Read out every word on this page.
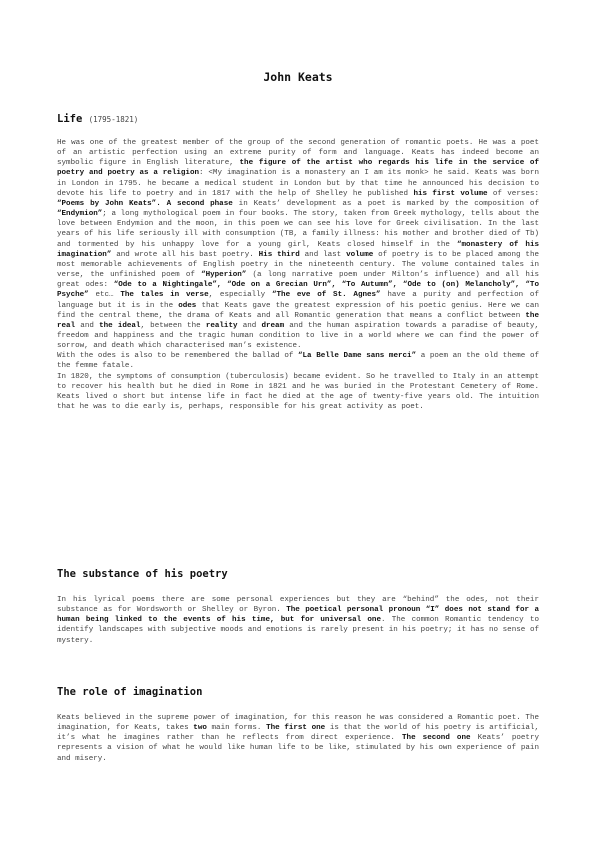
John Keats
Life (1795-1821)

He was one of the greatest member of the group of the second generation of romantic poets. He was a poet of an artistic perfection using an extreme purity of form and language. Keats has indeed become an symbolic figure in English literature, the figure of the artist who regards his life in the service of poetry and poetry as a religion: <My imagination is a monastery an I am its monk> he said. Keats was born in London in 1795. he became a medical student in London but by that time he announced his decision to devote his life to poetry and in 1817 with the help of Shelley he published his first volume of verses: “Poems by John Keats”. A second phase in Keats’ development as a poet is marked by the composition of “Endymion”; a long mythological poem in four books. The story, taken from Greek mythology, tells about the love between Endymion and the moon, in this poem we can see his love for Greek civilisation. In the last years of his life seriously ill with consumption (TB, a family illness: his mother and brother died of Tb) and tormented by his unhappy love for a young girl, Keats closed himself in the “monastery of his imagination” and wrote all his bast poetry. His third and last volume of poetry is to be placed among the most memorable achievements of English poetry in the nineteenth century. The volume contained tales in verse, the unfinished poem of “Hyperion” (a long narrative poem under Milton’s influence) and all his great odes: “Ode to a Nightingale”, “Ode on a Grecian Urn”, “To Autumn”, “Ode to (on) Melancholy”, “To Psyche” etc… The tales in verse, especially “The eve of St. Agnes” have a purity and perfection of language but it is in the odes that Keats gave the greatest expression of his poetic genius. Here we can find the central theme, the drama of Keats and all Romantic generation that means a conflict between the real and the ideal, between the reality and dream and the human aspiration towards a paradise of beauty, freedom and happiness and the tragic human condition to live in a world where we can find the power of sorrow, and death which characterised man’s existence.

With the odes is also to be remembered the ballad of “La Belle Dame sans merci” a poem an the old theme of the femme fatale.

In 1820, the symptoms of consumption (tuberculosis) became evident. So he travelled to Italy in an attempt to recover his health but he died in Rome in 1821 and he was buried in the Protestant Cemetery of Rome. Keats lived o short but intense life in fact he died at the age of twenty-five years old. The intuition that he was to die early is, perhaps, responsible for his great activity as poet.

The substance of his poetry

In his lyrical poems there are some personal experiences but they are “behind” the odes, not their substance as for Wordsworth or Shelley or Byron. The poetical personal pronoun “I” does not stand for a human being linked to the events of his time, but for universal one. The common Romantic tendency to identify landscapes with subjective moods and emotions is rarely present in his poetry; it has no sense of mystery.

The role of imagination

Keats believed in the supreme power of imagination, for this reason he was considered a Romantic poet. The imagination, for Keats, takes two main forms. The first one is that the world of his poetry is artificial, it’s what he imagines rather than he reflects from direct experience. The second one Keats’ poetry represents a vision of what he would like human life to be like, stimulated by his own experience of pain and misery.
